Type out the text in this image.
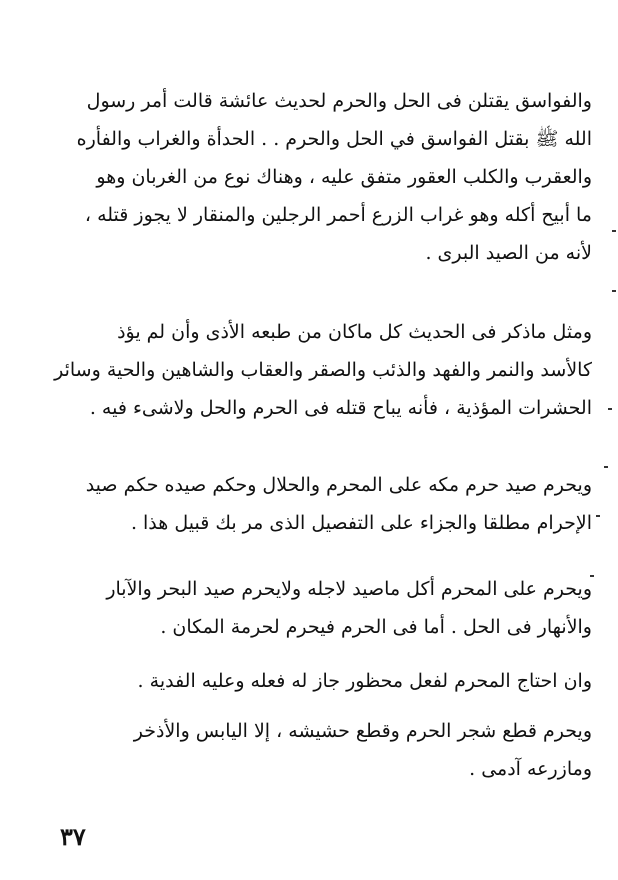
والفواسق يقتلن فى الحل والحرم لحديث عائشة قالت أمر رسول
الله ﷺ بقتل الفواسق في الحل والحرم . . الحدأة والغراب والفأره
والعقرب والكلب العقور متفق عليه ، وهناك نوع من الغربان وهو
ما أبيح أكله وهو غراب الزرع أحمر الرجلين والمنقار لا يجوز قتله ،
لأنه من الصيد البرى .
ومثل ماذكر فى الحديث كل ماكان من طبعه الأذى وأن لم يؤذ
كالأسد والنمر والفهد والذئب والصقر والعقاب والشاهين والحية وسائر
الحشرات المؤذية ، فأنه يباح قتله فى الحرم والحل ولاشىء فيه .
ويحرم صيد حرم مكه على المحرم والحلال وحكم صيده حكم صيد
الإحرام مطلقا والجزاء على التفصيل الذى مر بك قبيل هذا .
ويحرم على المحرم أكل ماصيد لاجله ولايحرم صيد البحر والآبار
والأنهار فى الحل . أما فى الحرم فيحرم لحرمة المكان .
وان احتاج المحرم لفعل محظور جاز له فعله وعليه الفدية .
ويحرم قطع شجر الحرم وقطع حشيشه ، إلا اليابس والأذخر
ومازرعه آدمى .
٣٧
